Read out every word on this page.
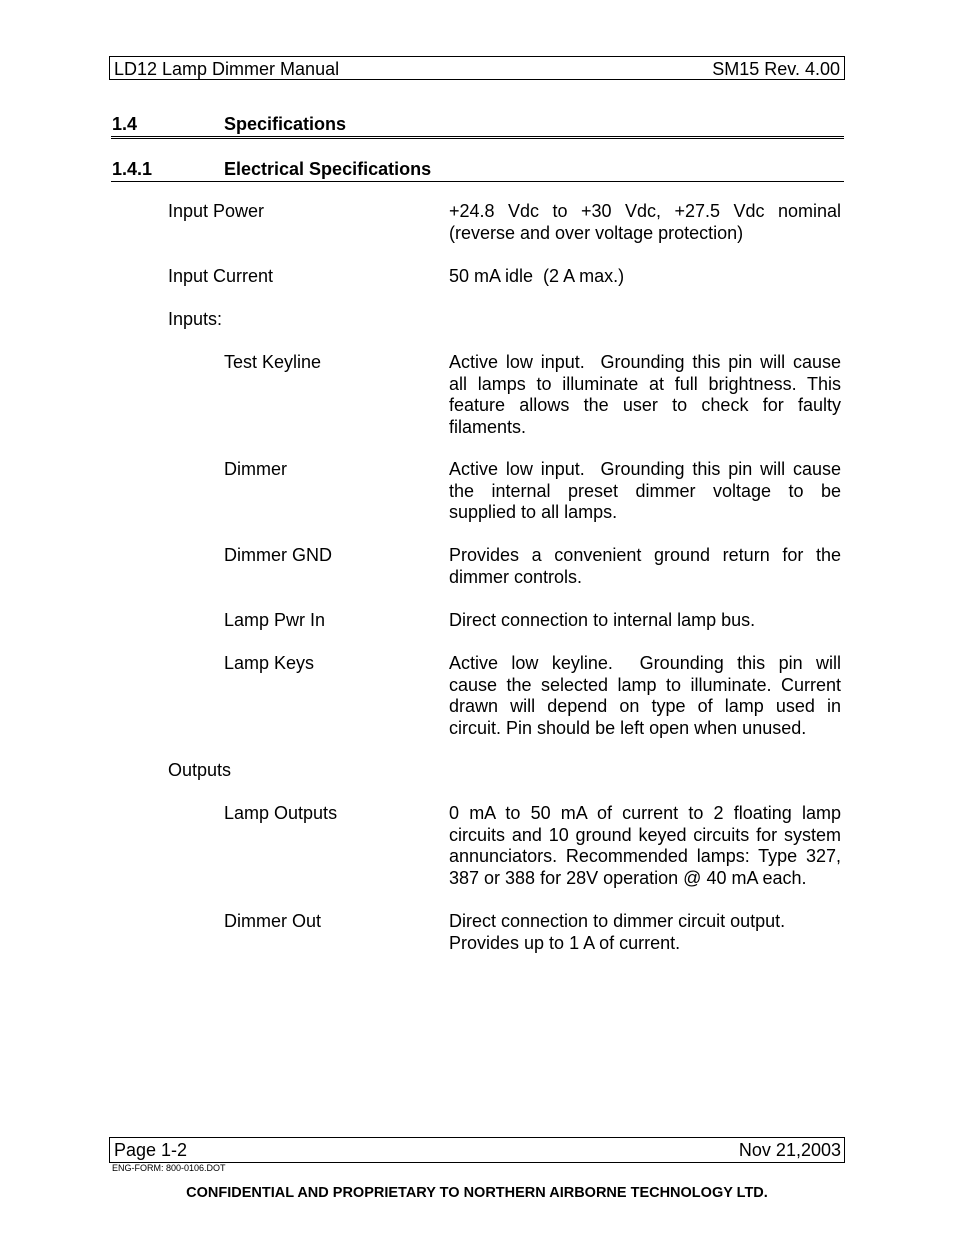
LD12 Lamp Dimmer Manual	SM15 Rev. 4.00
1.4	Specifications
1.4.1	Electrical Specifications
Input Power	+24.8 Vdc to +30 Vdc, +27.5 Vdc nominal
(reverse and over voltage protection)
Input Current	50 mA idle  (2 A max.)
Inputs:
Test Keyline	Active low input.  Grounding this pin will cause
all lamps to illuminate at full brightness. This
feature allows the user to check for faulty
filaments.
Dimmer	Active low input.  Grounding this pin will cause
the internal preset dimmer voltage to be
supplied to all lamps.
Dimmer GND	Provides a convenient ground return for the
dimmer controls.
Lamp Pwr In	Direct connection to internal lamp bus.
Lamp Keys	Active low keyline.  Grounding this pin will
cause the selected lamp to illuminate. Current
drawn will depend on type of lamp used in
circuit. Pin should be left open when unused.
Outputs
Lamp Outputs	0 mA to 50 mA of current to 2 floating lamp
circuits and 10 ground keyed circuits for system
annunciators. Recommended lamps: Type 327,
387 or 388 for 28V operation @ 40 mA each.
Dimmer Out	Direct connection to dimmer circuit output.
Provides up to 1 A of current.
Page 1-2	Nov 21,2003
ENG-FORM: 800-0106.DOT
CONFIDENTIAL AND PROPRIETARY TO NORTHERN AIRBORNE TECHNOLOGY LTD.
